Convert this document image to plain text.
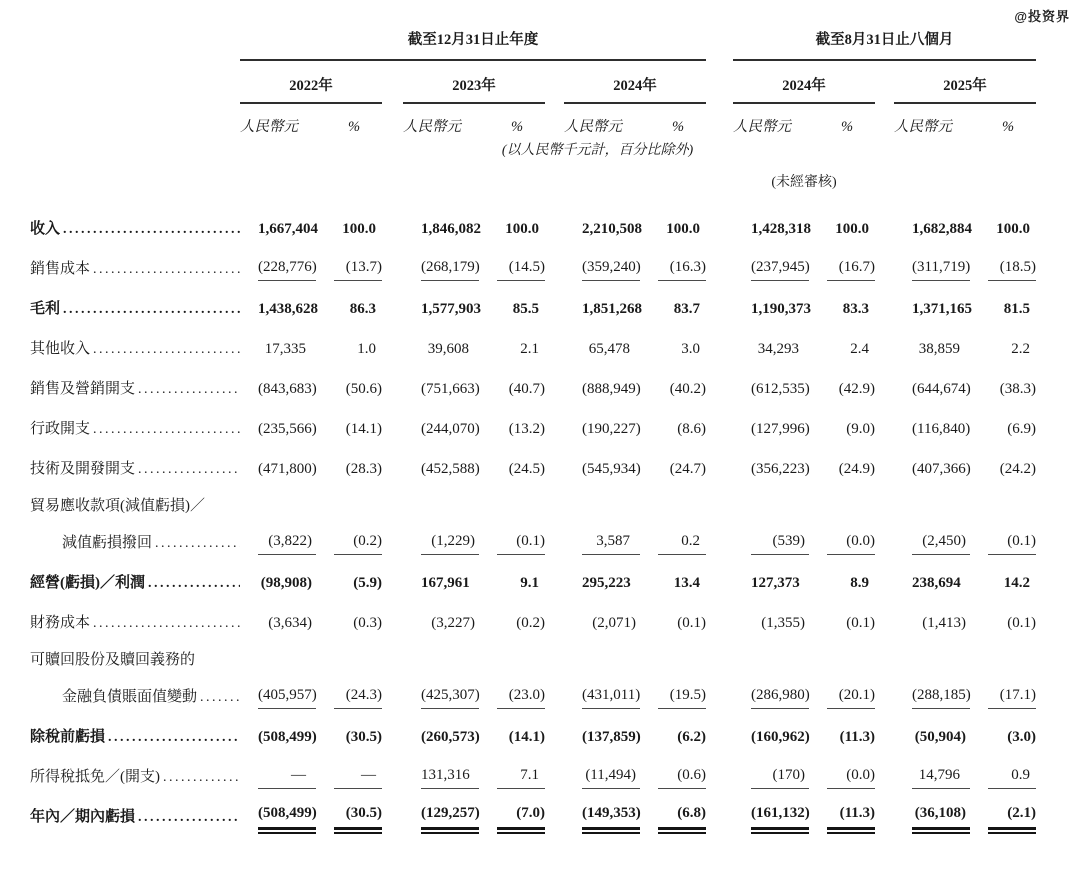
@投资界
截至12月31日止年度	截至8月31日止八個月
2022年	2023年	2024年	2024年	2025年
人民幣元	%	人民幣元	%	人民幣元	%	人民幣元	%	人民幣元	%
(以人民幣千元計，百分比除外)
(未經審核)
收入 .....	1,667,404	100.0	1,846,082	100.0	2,210,508	100.0	1,428,318	100.0	1,682,884	100.0
銷售成本 .....	(228,776)	(13.7)	(268,179)	(14.5) (359,240)	(16.3)	(237,945)	(16.7) (311,719)	(18.5)
毛利 .....	1,438,628	86.3	1,577,903	85.5	1,851,268	83.7	1,190,373	83.3	1,371,165	81.5
其他收入 .....	17,335	1.0	39,608	2.1	65,478	3.0	34,293	2.4	38,859	2.2
銷售及營銷開支 .....	(843,683)	(50.6)	(751,663)	(40.7) (888,949)	(40.2)	(612,535)	(42.9) (644,674)	(38.3)
行政開支 .....	(235,566)	(14.1)	(244,070)	(13.2) (190,227)	(8.6)	(127,996)	(9.0) (116,840)	(6.9)
技術及開發開支 .....	(471,800)	(28.3)	(452,588)	(24.5) (545,934)	(24.7)	(356,223)	(24.9) (407,366)	(24.2)
貿易應收款項(減值虧損)／
減值虧損撥回 .....	(3,822)	(0.2)	(1,229)	(0.1)	3,587	0.2	(539)	(0.0)	(2,450)	(0.1)
經營(虧損)／利潤 .....	(98,908)	(5.9)	167,961	9.1	295,223	13.4	127,373	8.9	238,694	14.2
財務成本 .....	(3,634)	(0.3)	(3,227)	(0.2)	(2,071)	(0.1)	(1,355)	(0.1)	(1,413)	(0.1)
可贖回股份及贖回義務的
金融負債賬面值變動 .....	(405,957)	(24.3)	(425,307)	(23.0) (431,011)	(19.5)	(286,980)	(20.1) (288,185)	(17.1)
除稅前虧損 .....	(508,499)	(30.5)	(260,573)	(14.1) (137,859)	(6.2)	(160,962)	(11.3)	(50,904)	(3.0)
所得稅抵免／(開支) .....	—	—	131,316	7.1	(11,494)	(0.6)	(170)	(0.0)	14,796	0.9
年內／期內虧損 .....	(508,499)	(30.5)	(129,257)	(7.0) (149,353)	(6.8)	(161,132)	(11.3)	(36,108)	(2.1)
